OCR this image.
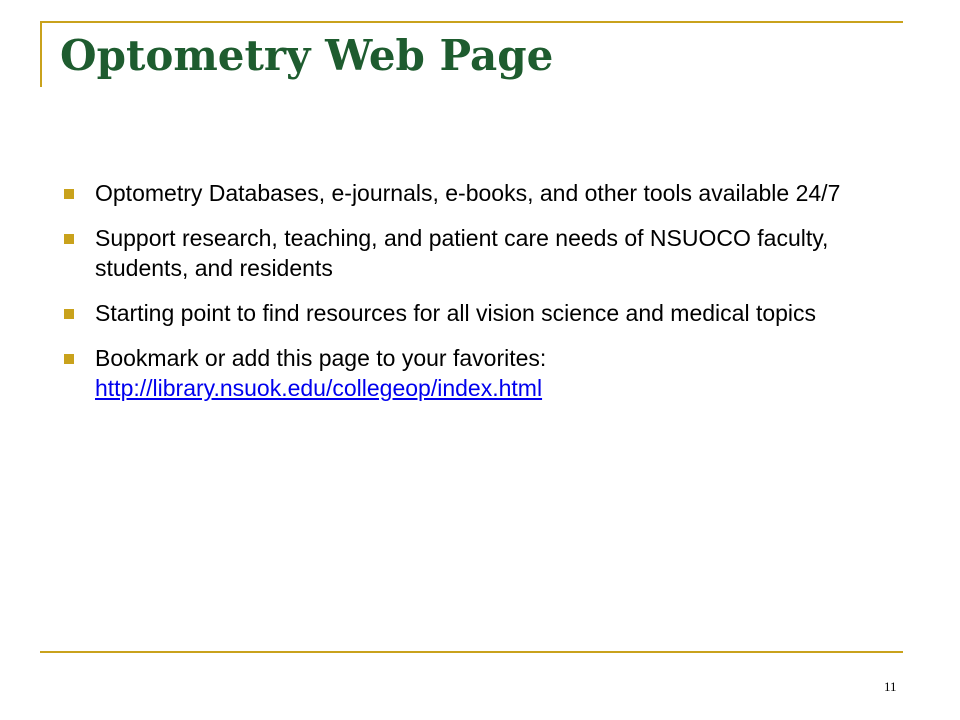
Optometry Web Page
Optometry Databases, e-journals, e-books, and other tools available 24/7
Support research, teaching, and patient care needs of NSUOCO faculty, students, and residents
Starting point to find resources for all vision science and medical topics
Bookmark or add this page to your favorites: http://library.nsuok.edu/collegeop/index.html
11
